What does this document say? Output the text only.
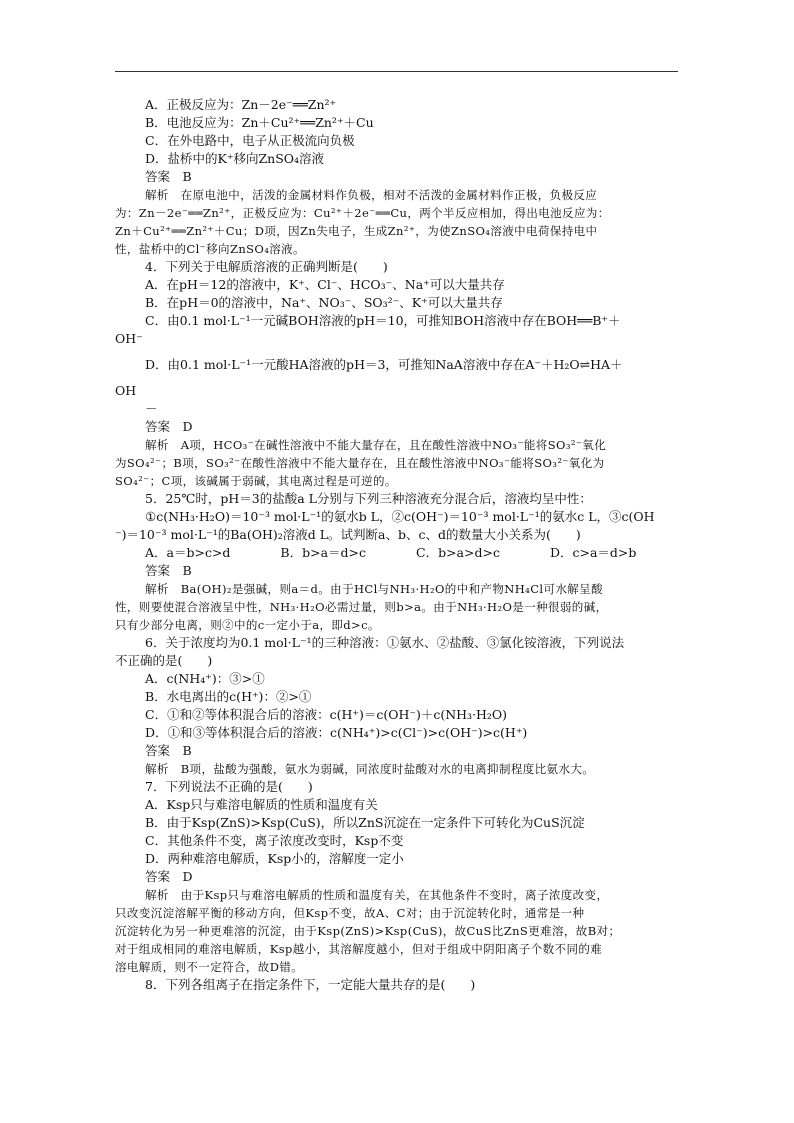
A．正极反应为：Zn－2e⁻══Zn²⁺
B．电池反应为：Zn＋Cu²⁺══Zn²⁺＋Cu
C．在外电路中，电子从正极流向负极
D．盐桥中的K⁺移向ZnSO₄溶液
答案　B
解析　在原电池中，活泼的金属材料作负极，相对不活泼的金属材料作正极，负极反应
为：Zn－2e⁻══Zn²⁺，正极反应为：Cu²⁺＋2e⁻══Cu，两个半反应相加，得出电池反应为：
Zn＋Cu²⁺══Zn²⁺＋Cu；D项，因Zn失电子，生成Zn²⁺，为使ZnSO₄溶液中电荷保持电中
性，盐桥中的Cl⁻移向ZnSO₄溶液。
4．下列关于电解质溶液的正确判断是(　　)
A．在pH＝12的溶液中，K⁺、Cl⁻、HCO₃⁻、Na⁺可以大量共存
B．在pH＝0的溶液中，Na⁺、NO₃⁻、SO₃²⁻、K⁺可以大量共存
C．由0.1 mol·L⁻¹一元碱BOH溶液的pH＝10，可推知BOH溶液中存在BOH══B⁺＋
OH⁻
D．由0.1 mol·L⁻¹一元酸HA溶液的pH＝3，可推知NaA溶液中存在A⁻＋H₂O⇌HA＋
OH
－
答案　D
解析　A项，HCO₃⁻在碱性溶液中不能大量存在，且在酸性溶液中NO₃⁻能将SO₃²⁻氧化
为SO₄²⁻；B项，SO₃²⁻在酸性溶液中不能大量存在，且在酸性溶液中NO₃⁻能将SO₃²⁻氧化为
SO₄²⁻；C项，该碱属于弱碱，其电离过程是可逆的。
5．25℃时，pH＝3的盐酸a L分别与下列三种溶液充分混合后，溶液均呈中性：
①c(NH₃·H₂O)＝10⁻³ mol·L⁻¹的氨水b L，②c(OH⁻)＝10⁻³ mol·L⁻¹的氨水c L，③c(OH
⁻)＝10⁻³ mol·L⁻¹的Ba(OH)₂溶液d L。试判断a、b、c、d的数量大小关系为(　　)
A．a＝b>c>d　　　　B．b>a＝d>c　　　　C．b>a>d>c　　　　D．c>a＝d>b
答案　B
解析　Ba(OH)₂是强碱，则a＝d。由于HCl与NH₃·H₂O的中和产物NH₄Cl可水解呈酸
性，则要使混合溶液呈中性，NH₃·H₂O必需过量，则b>a。由于NH₃·H₂O是一种很弱的碱，
只有少部分电离，则②中的c一定小于a，即d>c。
6．关于浓度均为0.1 mol·L⁻¹的三种溶液：①氨水、②盐酸、③氯化铵溶液，下列说法
不正确的是(　　)
A．c(NH₄⁺)：③>①
B．水电离出的c(H⁺)：②>①
C．①和②等体积混合后的溶液：c(H⁺)＝c(OH⁻)＋c(NH₃·H₂O)
D．①和③等体积混合后的溶液：c(NH₄⁺)>c(Cl⁻)>c(OH⁻)>c(H⁺)
答案　B
解析　B项，盐酸为强酸，氨水为弱碱，同浓度时盐酸对水的电离抑制程度比氨水大。
7．下列说法不正确的是(　　)
A．Ksp只与难溶电解质的性质和温度有关
B．由于Ksp(ZnS)>Ksp(CuS)，所以ZnS沉淀在一定条件下可转化为CuS沉淀
C．其他条件不变，离子浓度改变时，Ksp不变
D．两种难溶电解质，Ksp小的，溶解度一定小
答案　D
解析　由于Ksp只与难溶电解质的性质和温度有关，在其他条件不变时，离子浓度改变，
只改变沉淀溶解平衡的移动方向，但Ksp不变，故A、C对；由于沉淀转化时，通常是一种
沉淀转化为另一种更难溶的沉淀，由于Ksp(ZnS)>Ksp(CuS)，故CuS比ZnS更难溶，故B对；
对于组成相同的难溶电解质，Ksp越小，其溶解度越小，但对于组成中阴阳离子个数不同的难
溶电解质，则不一定符合，故D错。
8．下列各组离子在指定条件下，一定能大量共存的是(　　)
